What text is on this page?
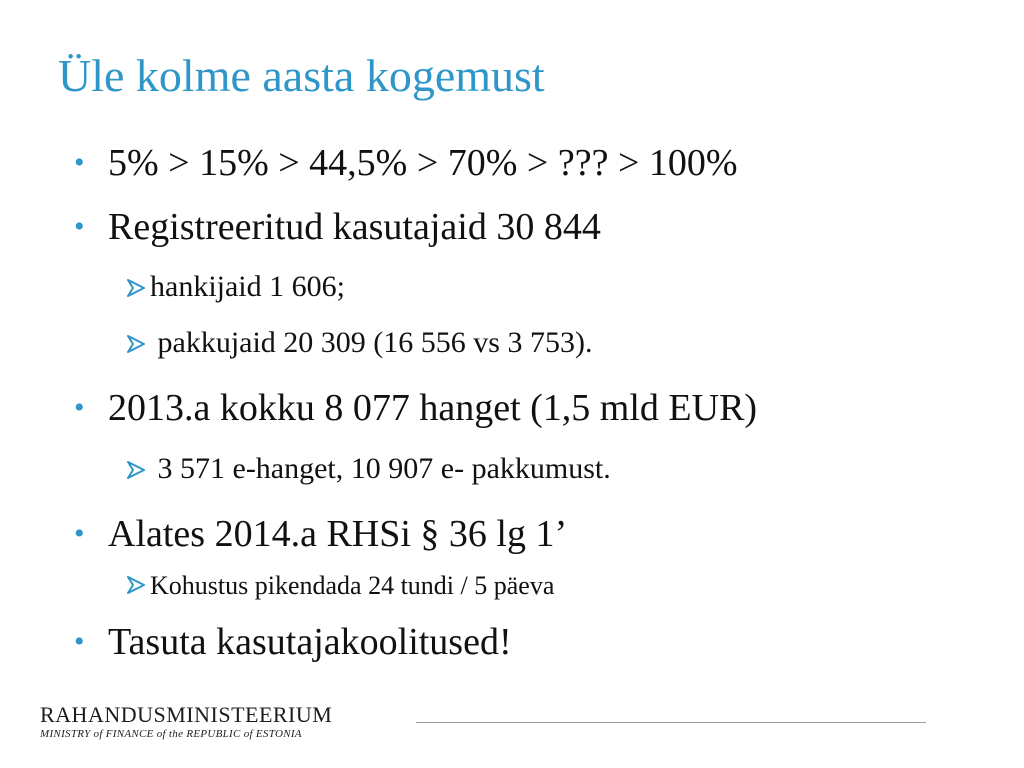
Üle kolme aasta kogemust
• 5% > 15% > 44,5% > 70% > ??? > 100%
• Registreeritud kasutajaid 30 844
hankijaid 1 606;
pakkujaid 20 309 (16 556 vs 3 753).
• 2013.a kokku 8 077 hanget (1,5 mld EUR)
3 571 e-hanget, 10 907 e- pakkumust.
• Alates 2014.a RHSi § 36 lg 1’
Kohustus pikendada 24 tundi / 5 päeva
• Tasuta kasutajakoolitused!
RAHANDUSMINISTEERIUM
MINISTRY of FINANCE of the REPUBLIC of ESTONIA
